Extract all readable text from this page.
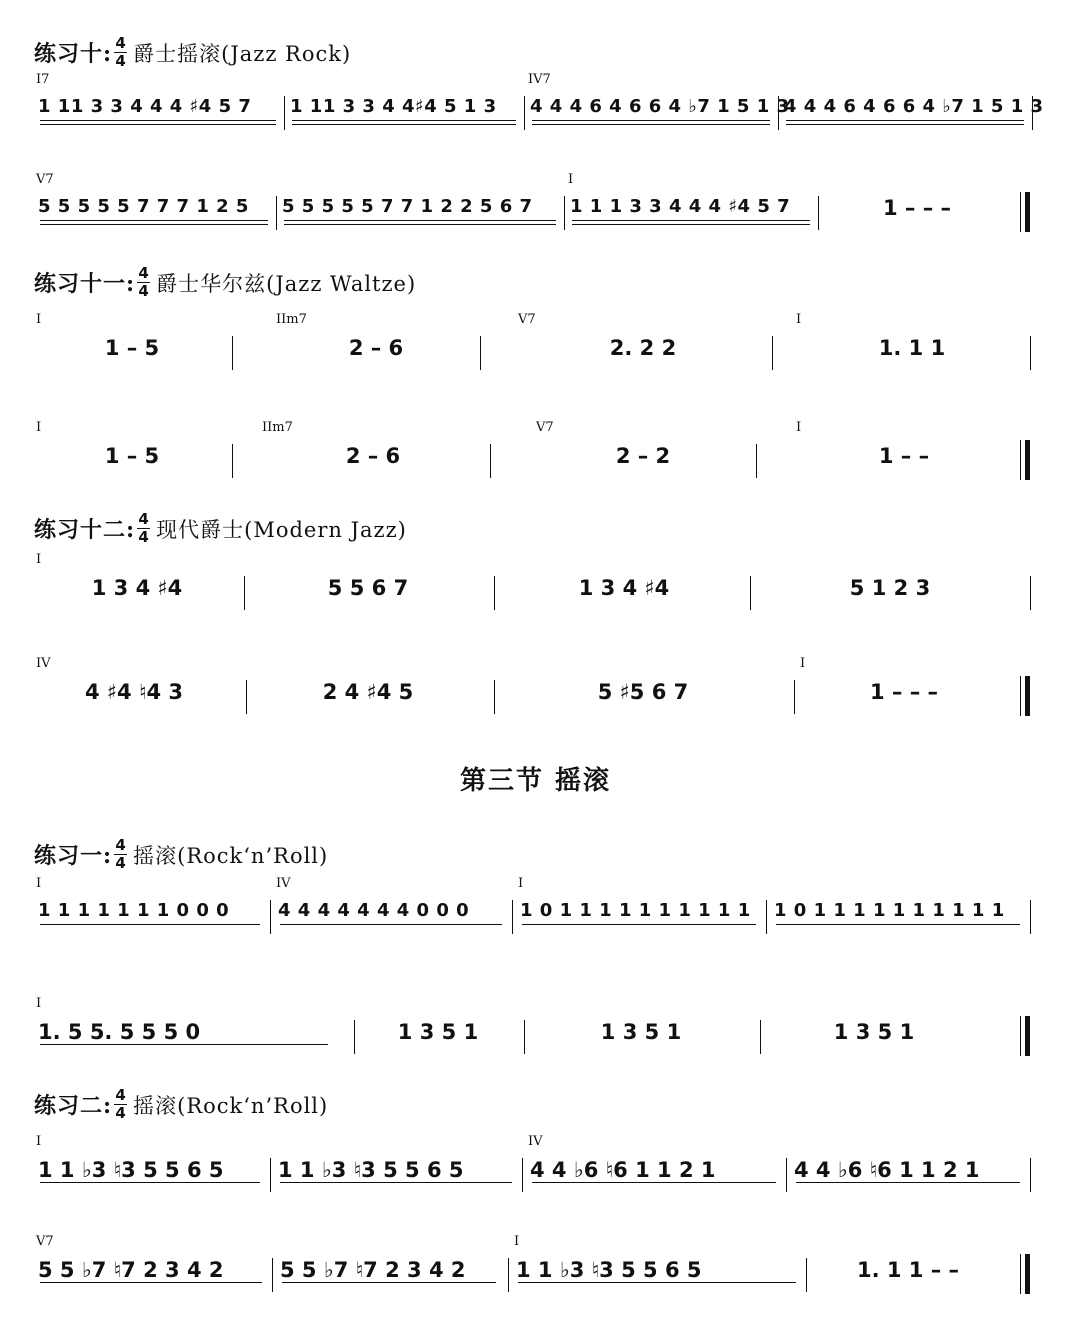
练习十: 4
4 爵士摇滚(Jazz Rock)
I7
1 11 3 3 4 4 4 ♯4 5 7	1 11 3 3 4 4♯4 5 1 3
IV7
4 4 4 6 4 6 6 4 ♭7 1 5 1 3
4 4 4 6 4 6 6 4 ♭7 1 5 1 3
V7
5 5 5 5 5 7 7 7 1 2 5	5 5 5 5 5 7 7 1 2 2 5 6 7
I
1 1 1 3 3 4 4 4 ♯4 5 7	1 – – –
练习十一: 4
4 爵士华尔兹(Jazz Waltze)
I
1 – 5
IIm7
2 – 6
V7
2. 2 2
I
1. 1 1
I
1 – 5
IIm7
2 – 6
V7
2 – 2
I
1 – –
练习十二: 4
4 现代爵士(Modern Jazz)
I
1 3 4 ♯4	5 5 6 7	1 3 4 ♯4	5 1 2 3
IV
4 ♯4 ♮4 3	2 4 ♯4 5	5 ♯5 6 7
I
1 – – –
第三节 摇滚
练习一: 4
4 摇滚(Rock‘n’Roll)
I
1 1 1 1 1 1 1 0 0 0
IV
4 4 4 4 4 4 4 0 0 0
I
1 0 1 1 1 1 1 1 1 1 1 1	1 0 1 1 1 1 1 1 1 1 1 1
I
1. 5 5. 5 5 5 0	1 3 5 1	1 3 5 1	1 3 5 1
练习二: 4
4 摇滚(Rock‘n’Roll)
I
1 1 ♭3 ♮3 5 5 6 5	1 1 ♭3 ♮3 5 5 6 5
IV
4 4 ♭6 ♮6 1 1 2 1	4 4 ♭6 ♮6 1 1 2 1
V7
5 5 ♭7 ♮7 2 3 4 2	5 5 ♭7 ♮7 2 3 4 2
I
1 1 ♭3 ♮3 5 5 6 5	1. 1 1 – –
